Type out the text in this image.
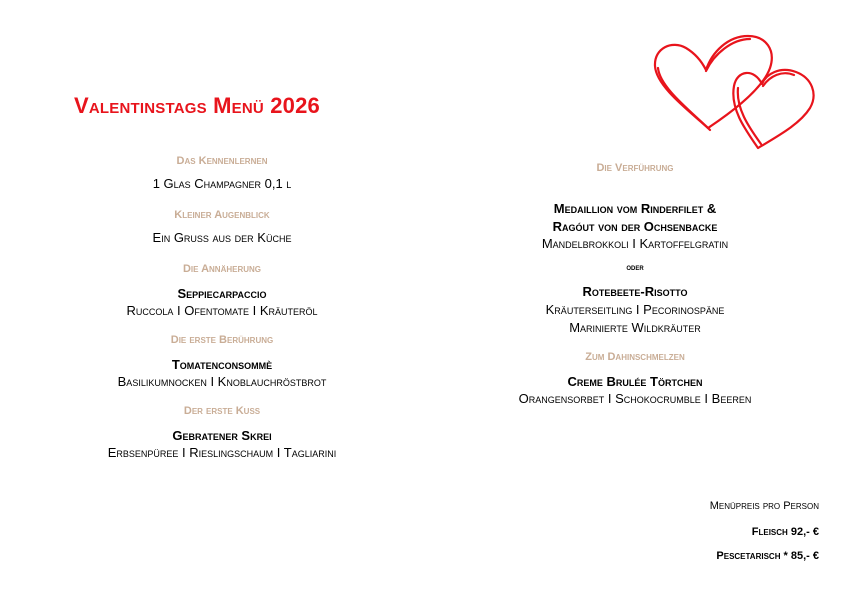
Valentinstags Menü 2026
Das Kennenlernen
1 Glas Champagner 0,1 l
Kleiner Augenblick
Ein Gruß aus der Küche
Die Annäherung
Seppiecarpaccio
Ruccola I Ofentomate I Kräuteröl
Die erste Berührung
Tomatenconsommè
Basilikumnocken I Knoblauchröstbrot
Der erste Kuss
Gebratener Skrei
Erbsenpüree I Rieslingschaum I Tagliarini
Die Verführung
Medaillion vom Rinderfilet &
Ragóut von der Ochsenbacke
Mandelbrokkoli I Kartoffelgratin
oder
Rotebeete-Risotto
Kräuterseitling I Pecorinospäne
Marinierte Wildkräuter
Zum Dahinschmelzen
Creme Brulée Törtchen
Orangensorbet I Schokocrumble I Beeren
Menüpreis pro Person
Fleisch 92,- €
Pescetarisch * 85,- €
